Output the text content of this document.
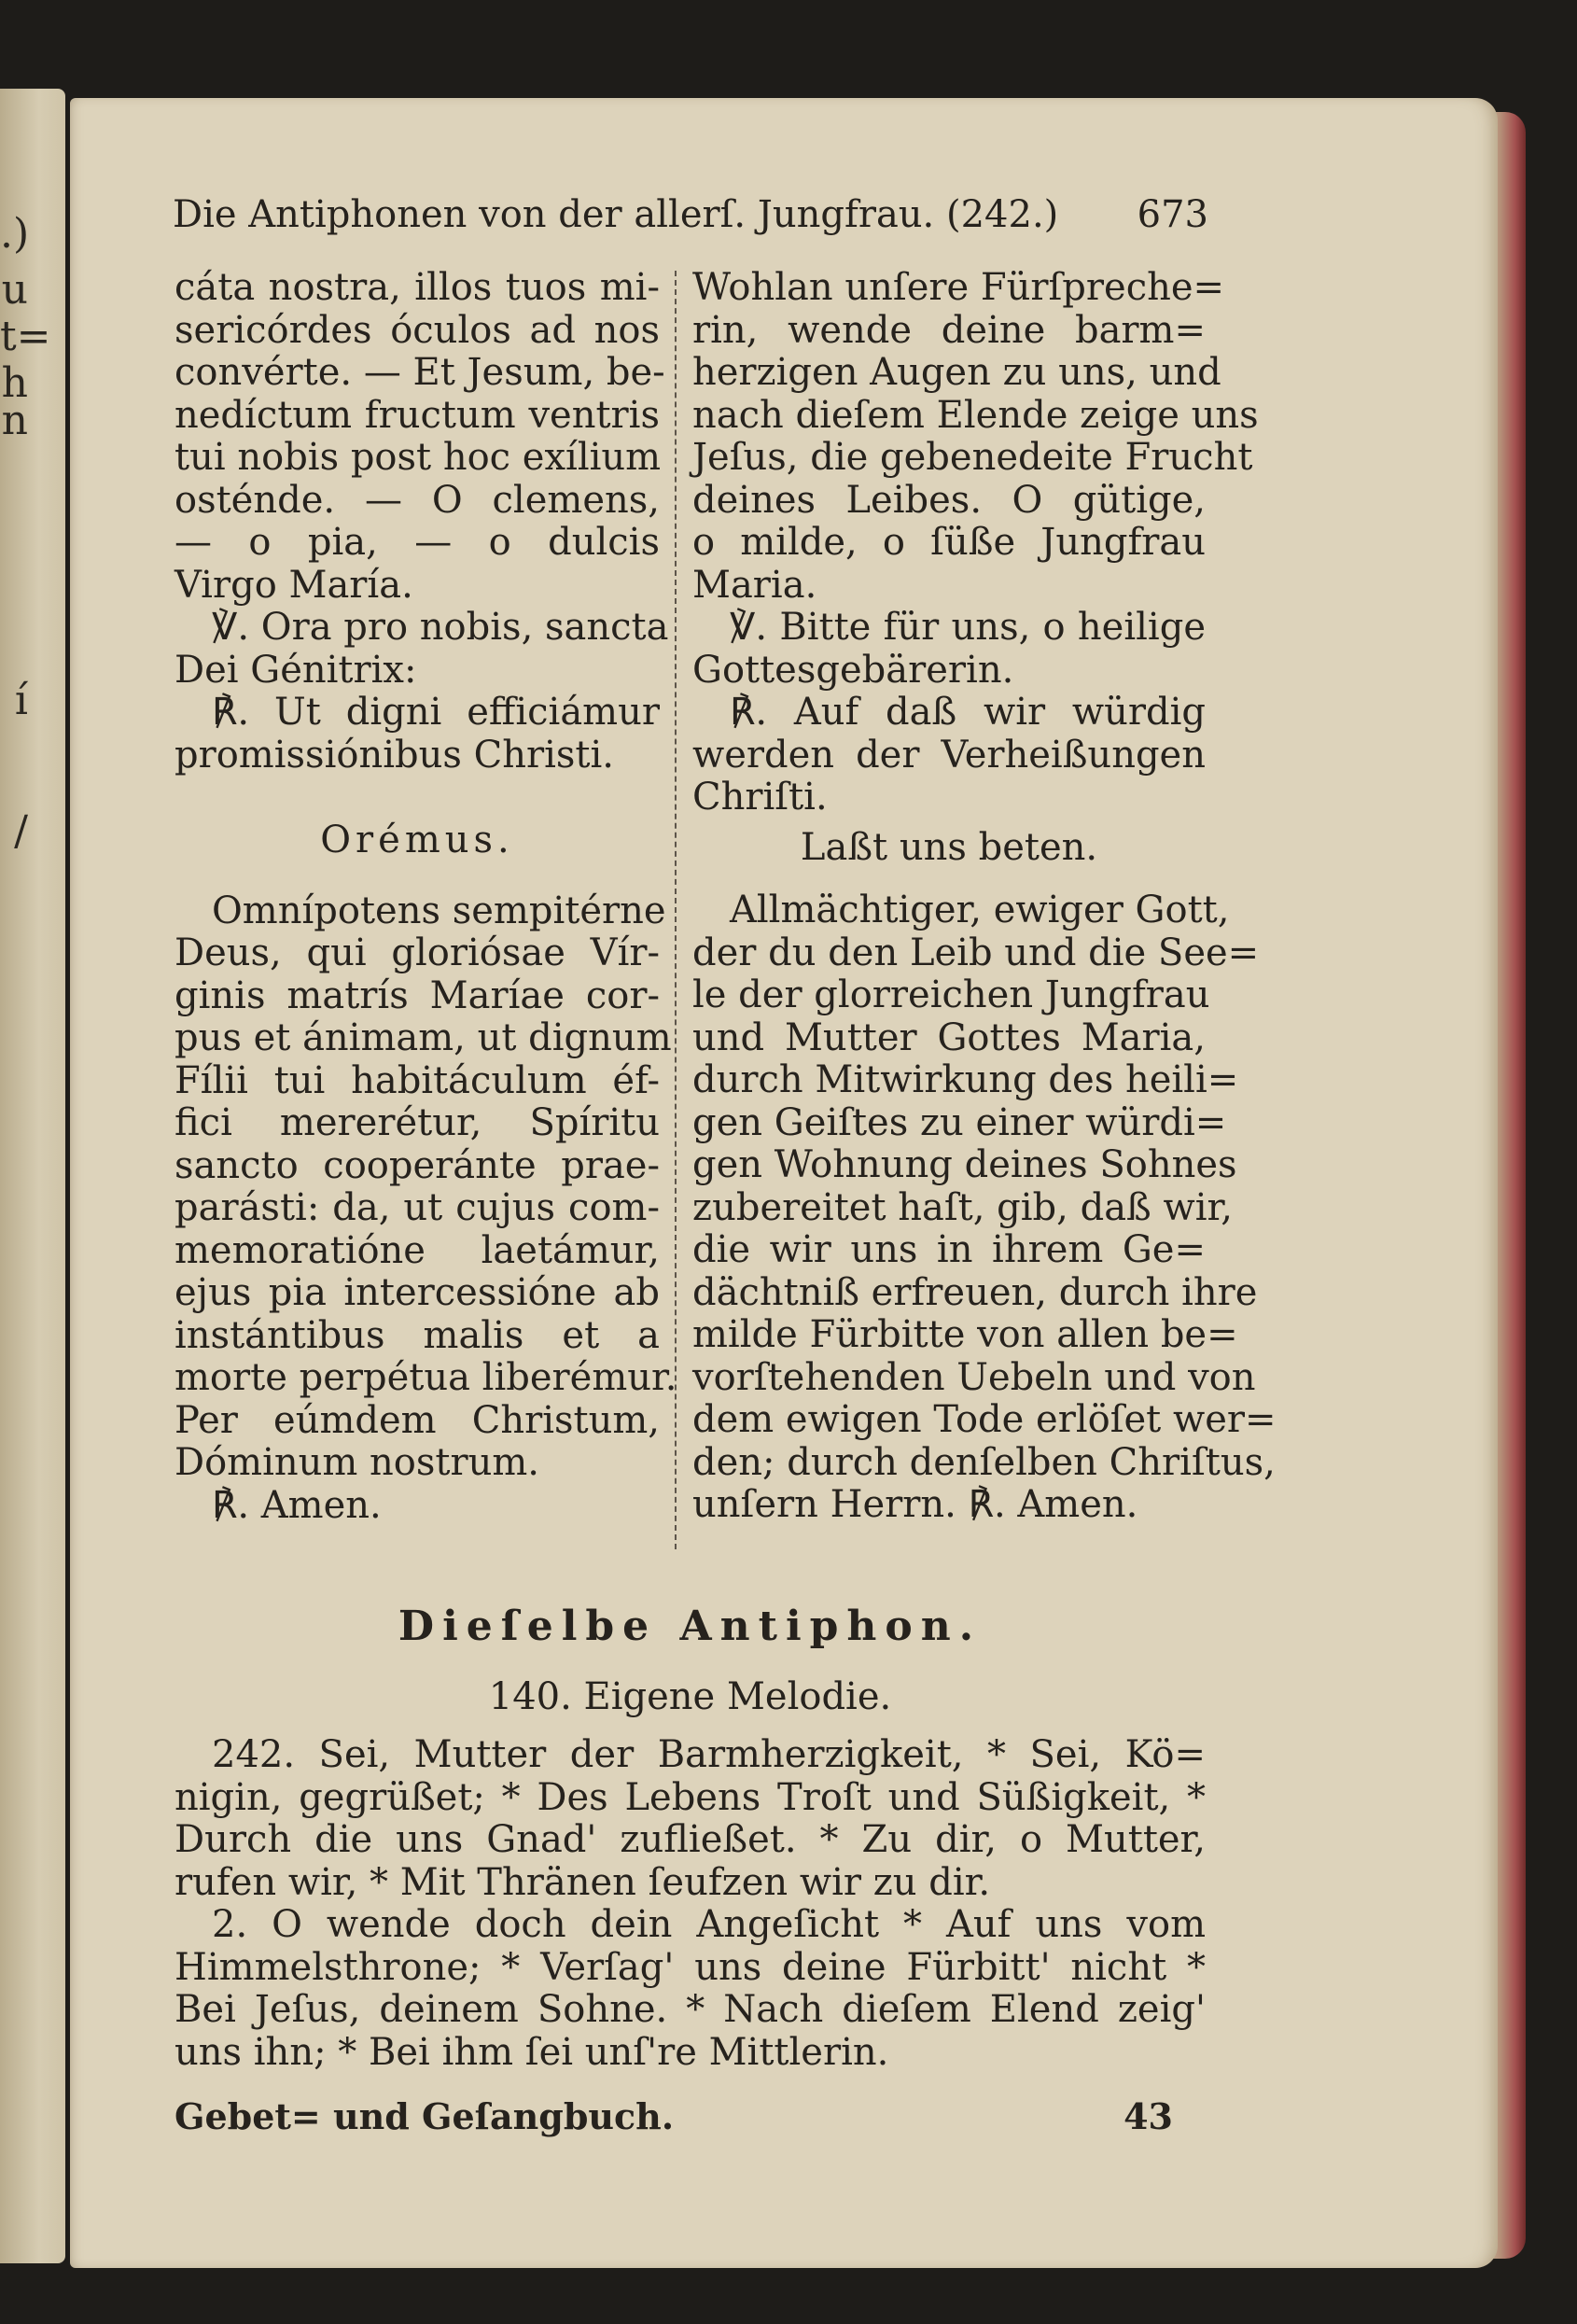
.)
u
t=
h
n
í
/
Die Antiphonen von der allerſ. Jungfrau. (242.) 673
cáta nostra, illos tuos mi-
sericórdes óculos ad nos
convérte. — Et Jesum, be-
nedíctum fructum ventris
tui nobis post hoc exílium
osténde. — O clemens,
— o pia, — o dulcis
Virgo María.
℣. Ora pro nobis, sancta
Dei Génitrix:
℟. Ut digni efficiámur
promissiónibus Christi.
Orémus.
Omnípotens sempitérne
Deus, qui gloriósae Vír-
ginis matrís Maríae cor-
pus et ánimam, ut dignum
Fílii tui habitáculum éf-
fici mererétur, Spíritu
sancto cooperánte prae-
parásti: da, ut cujus com-
memoratióne laetámur,
ejus pia intercessióne ab
instántibus malis et a
morte perpétua liberémur.
Per eúmdem Christum,
Dóminum nostrum.
℟. Amen.
Wohlan unſere Fürſpreche=
rin, wende deine barm=
herzigen Augen zu uns, und
nach dieſem Elende zeige uns
Jeſus, die gebenedeite Frucht
deines Leibes. O gütige,
o milde, o ſüße Jungfrau
Maria.
℣. Bitte für uns, o heilige
Gottesgebärerin.
℟. Auf daß wir würdig
werden der Verheißungen
Chriſti.
Laßt uns beten.
Allmächtiger, ewiger Gott,
der du den Leib und die See=
le der glorreichen Jungfrau
und Mutter Gottes Maria,
durch Mitwirkung des heili=
gen Geiſtes zu einer würdi=
gen Wohnung deines Sohnes
zubereitet haſt, gib, daß wir,
die wir uns in ihrem Ge=
dächtniß erfreuen, durch ihre
milde Fürbitte von allen be=
vorſtehenden Uebeln und von
dem ewigen Tode erlöſet wer=
den; durch denſelben Chriſtus,
unſern Herrn. ℟. Amen.
Dieſelbe Antiphon.
140. Eigene Melodie.
242. Sei, Mutter der Barmherzigkeit, * Sei, Kö=
nigin, gegrüßet; * Des Lebens Troſt und Süßigkeit, *
Durch die uns Gnad' zufließet. * Zu dir, o Mutter,
rufen wir, * Mit Thränen ſeufzen wir zu dir.
2. O wende doch dein Angeſicht * Auf uns vom
Himmelsthrone; * Verſag' uns deine Fürbitt' nicht *
Bei Jeſus, deinem Sohne. * Nach dieſem Elend zeig'
uns ihn; * Bei ihm ſei unſ're Mittlerin.
Gebet= und Geſangbuch.	43
